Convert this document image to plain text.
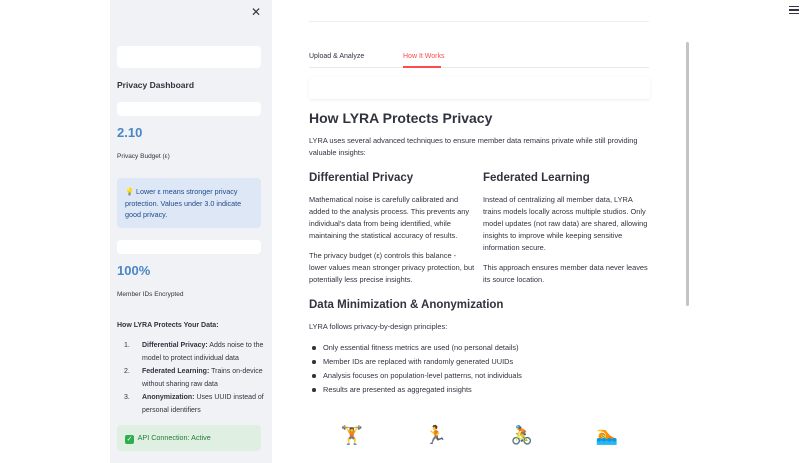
✕
Privacy Dashboard
2.10
Privacy Budget (ε)
💡 Lower ε means stronger privacy protection. Values under 3.0 indicate good privacy.
100%
Member IDs Encrypted
How LYRA Protects Your Data:
1.	Differential Privacy: Adds noise to the model to protect individual data
2.	Federated Learning: Trains on-device without sharing raw data
3.	Anonymization: Uses UUID instead of personal identifiers
✓ API Connection: Active
Upload & Analyze	How It Works
How LYRA Protects Privacy

LYRA uses several advanced techniques to ensure member data remains private while still providing valuable insights:

Differential Privacy

Mathematical noise is carefully calibrated and added to the analysis process. This prevents any individual's data from being identified, while maintaining the statistical accuracy of results.

The privacy budget (ε) controls this balance - lower values mean stronger privacy protection, but potentially less precise insights.

Federated Learning

Instead of centralizing all member data, LYRA trains models locally across multiple studios. Only model updates (not raw data) are shared, allowing insights to improve while keeping sensitive information secure.

This approach ensures member data never leaves its source location.

Data Minimization & Anonymization

LYRA follows privacy-by-design principles:

Only essential fitness metrics are used (no personal details)
Member IDs are replaced with randomly generated UUIDs
Analysis focuses on population-level patterns, not individuals
Results are presented as aggregated insights
🏋️	🏃	🚴	🏊
